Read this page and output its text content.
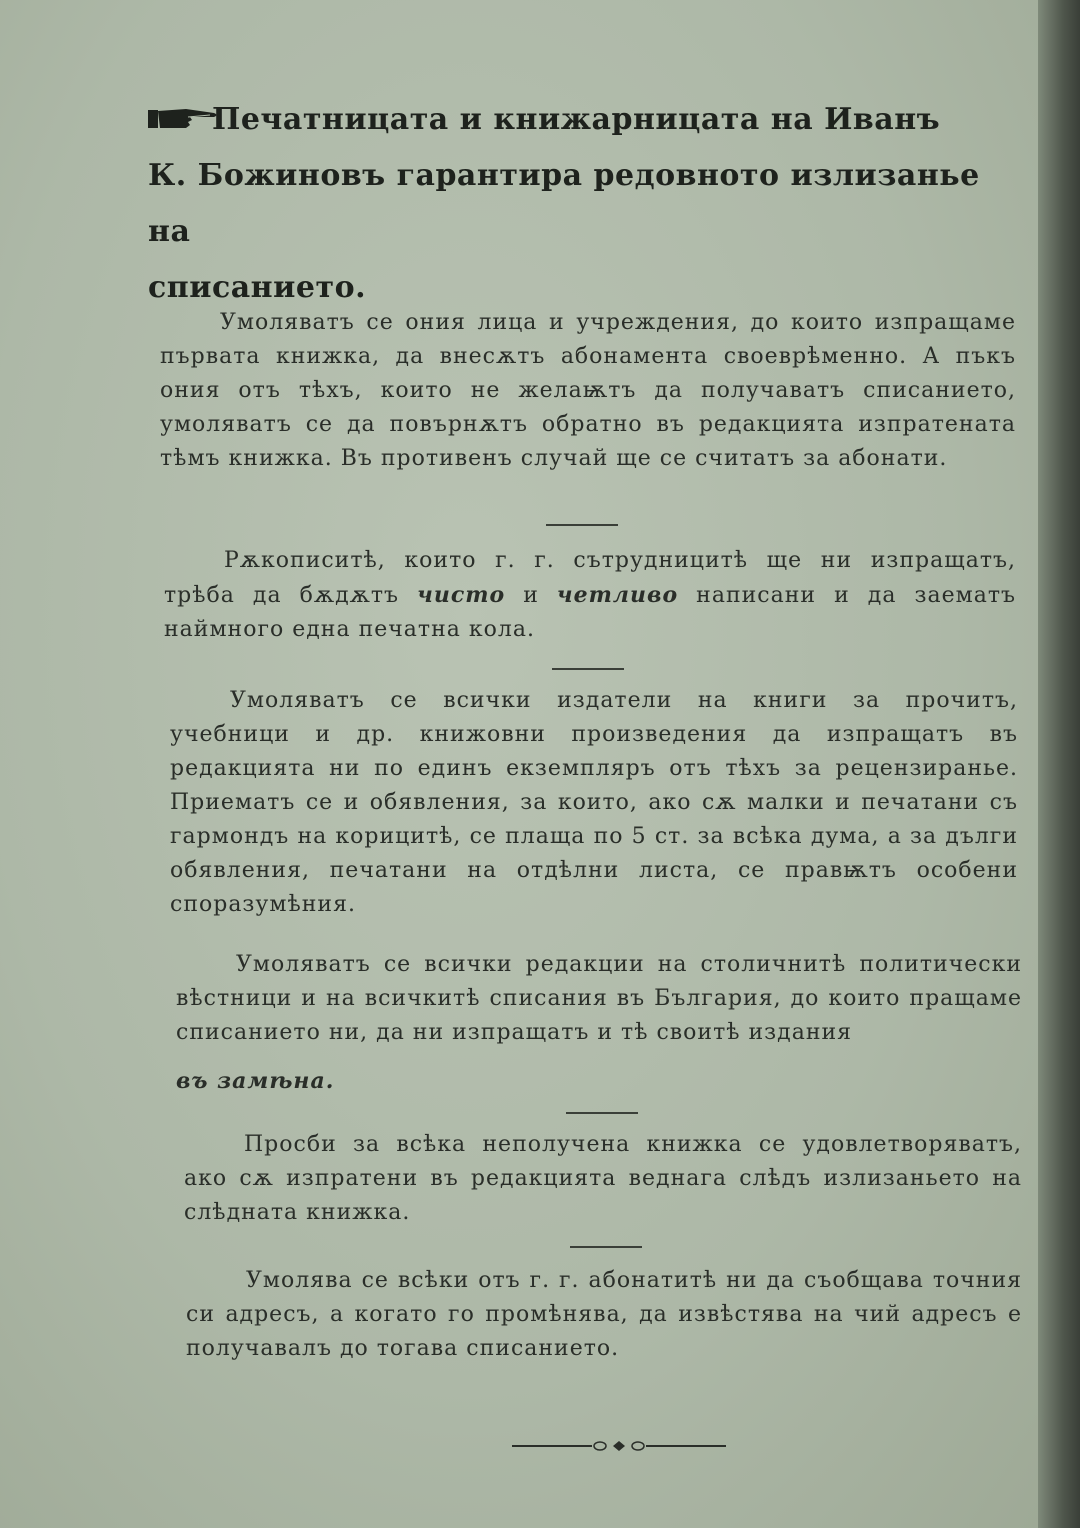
Печатницата и книжарницата на Иванъ
К. Божиновъ гарантира редовното излизанье на
списанието.
Умоляватъ се ония лица и учреждения, до които изпращаме първата книжка, да внесѫтъ абонамента своеврѣменно. А пъкъ ония отъ тѣхъ, които не желаѭтъ да получаватъ списанието, умоляватъ се да повърнѫтъ обратно въ редакцията изпратената тѣмъ книжка. Въ противенъ случай ще се считатъ за абонати.
Рѫкописитѣ, които г. г. сътрудницитѣ ще ни изпращатъ, трѣба да бѫдѫтъ чисто и четливо написани и да заематъ наймного една печатна кола.
Умоляватъ се всички издатели на книги за прочитъ, учебници и др. книжовни произведения да изпращатъ въ редакцията ни по единъ екземпляръ отъ тѣхъ за рецензиранье. Приематъ се и обявления, за които, ако сѫ малки и печатани съ гармондъ на корицитѣ, се плаща по 5 ст. за всѣка дума, а за дълги обявления, печатани на отдѣлни листа, се правѭтъ особени споразумѣния.
Умоляватъ се всички редакции на столичнитѣ политически вѣстници и на всичкитѣ списания въ България, до които пращаме списанието ни, да ни изпращатъ и тѣ своитѣ издания
въ замѣна.
Просби за всѣка неполучена книжка се удовлетворяватъ, ако сѫ изпратени въ редакцията веднага слѣдъ излизаньето на слѣдната книжка.
Умолява се всѣки отъ г. г. абонатитѣ ни да съобщава точния си адресъ, а когато го промѣнява, да извѣстява на чий адресъ е получавалъ до тогава списанието.
